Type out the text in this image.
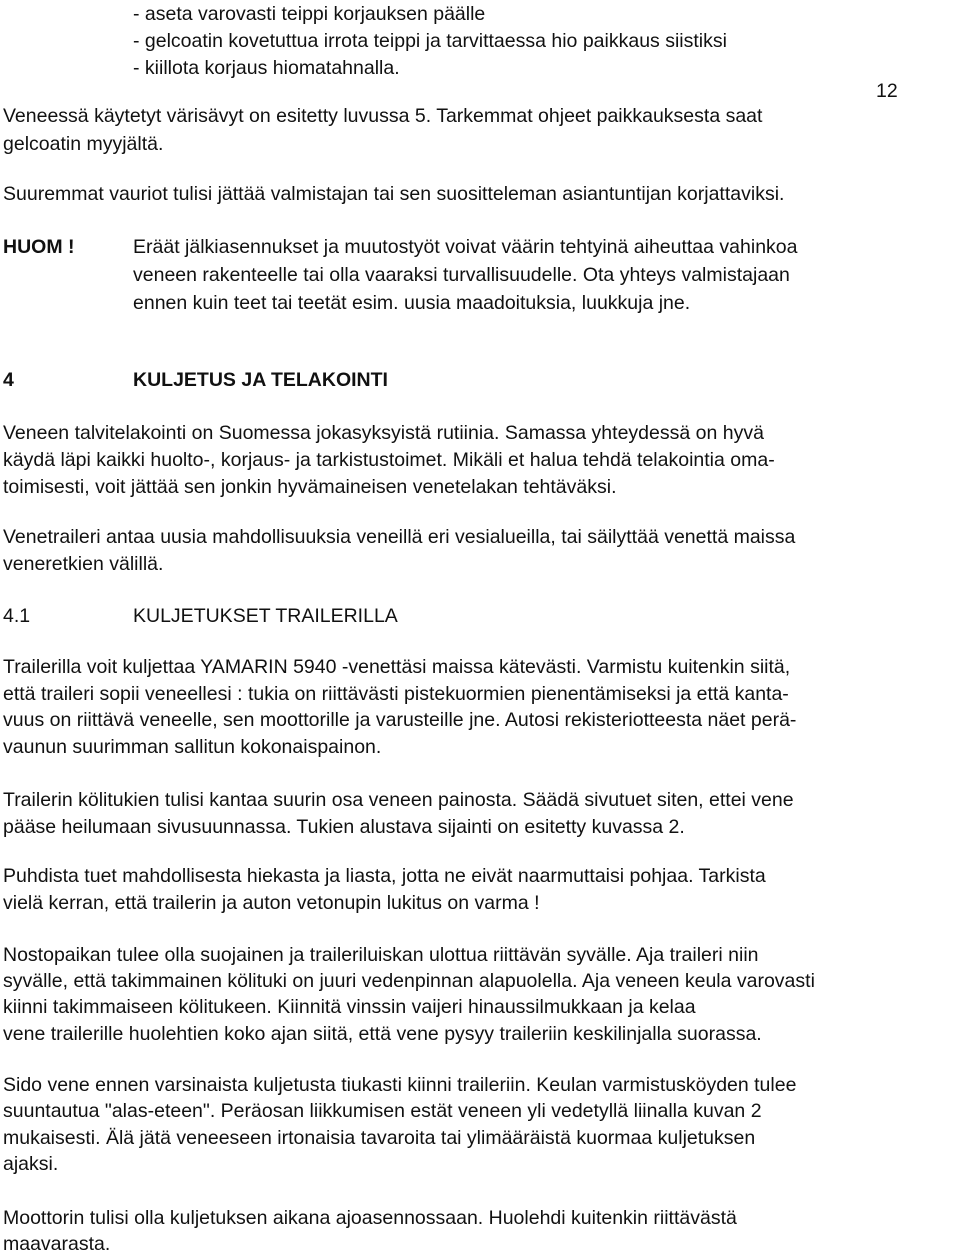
- aseta varovasti teippi korjauksen päälle
- gelcoatin kovetuttua irrota teippi ja tarvittaessa hio paikkaus siistiksi
- kiillota korjaus hiomatahnalla.
12
Veneessä käytetyt värisävyt on esitetty luvussa 5. Tarkemmat ohjeet paikkauksesta saat
gelcoatin myyjältä.
Suuremmat vauriot tulisi jättää valmistajan tai sen suositteleman asiantuntijan korjattaviksi.
HUOM !	Eräät jälkiasennukset ja muutostyöt voivat väärin tehtyinä aiheuttaa vahinkoa
veneen rakenteelle tai olla vaaraksi turvallisuudelle. Ota yhteys valmistajaan
ennen kuin teet tai teetät esim. uusia maadoituksia, luukkuja jne.
4	KULJETUS JA TELAKOINTI
Veneen talvitelakointi on Suomessa jokasyksyistä rutiinia. Samassa yhteydessä on hyvä
käydä läpi kaikki huolto-, korjaus- ja tarkistustoimet. Mikäli et halua tehdä telakointia oma-
toimisesti, voit jättää sen jonkin hyvämaineisen venetelakan tehtäväksi.
Venetraileri antaa uusia mahdollisuuksia veneillä eri vesialueilla, tai säilyttää venettä maissa
veneretkien välillä.
4.1	KULJETUKSET TRAILERILLA
Trailerilla voit kuljettaa YAMARIN 5940 -venettäsi maissa kätevästi. Varmistu kuitenkin siitä,
että traileri sopii veneellesi : tukia on riittävästi pistekuormien pienentämiseksi ja että kanta-
vuus on riittävä veneelle, sen moottorille ja varusteille jne. Autosi rekisteriotteesta näet perä-
vaunun suurimman sallitun kokonaispainon.
Trailerin kölitukien tulisi kantaa suurin osa veneen painosta. Säädä sivutuet siten, ettei vene
pääse heilumaan sivusuunnassa. Tukien alustava sijainti on esitetty kuvassa 2.
Puhdista tuet mahdollisesta hiekasta ja liasta, jotta ne eivät naarmuttaisi pohjaa. Tarkista
vielä kerran, että trailerin ja auton vetonupin lukitus on varma !
Nostopaikan tulee olla suojainen ja traileriluiskan ulottua riittävän syvälle. Aja traileri niin
syvälle, että takimmainen kölituki on juuri vedenpinnan alapuolella. Aja veneen keula varovasti
kiinni takimmaiseen kölitukeen. Kiinnitä vinssin vaijeri hinaussilmukkaan ja kelaa
vene trailerille huolehtien koko ajan siitä, että vene pysyy traileriin keskilinjalla suorassa.
Sido vene ennen varsinaista kuljetusta tiukasti kiinni traileriin. Keulan varmistusköyden tulee
suuntautua "alas-eteen". Peräosan liikkumisen estät veneen yli vedetyllä liinalla kuvan 2
mukaisesti. Älä jätä veneeseen irtonaisia tavaroita tai ylimääräistä kuormaa kuljetuksen
ajaksi.
Moottorin tulisi olla kuljetuksen aikana ajoasennossaan. Huolehdi kuitenkin riittävästä
maavarasta.
